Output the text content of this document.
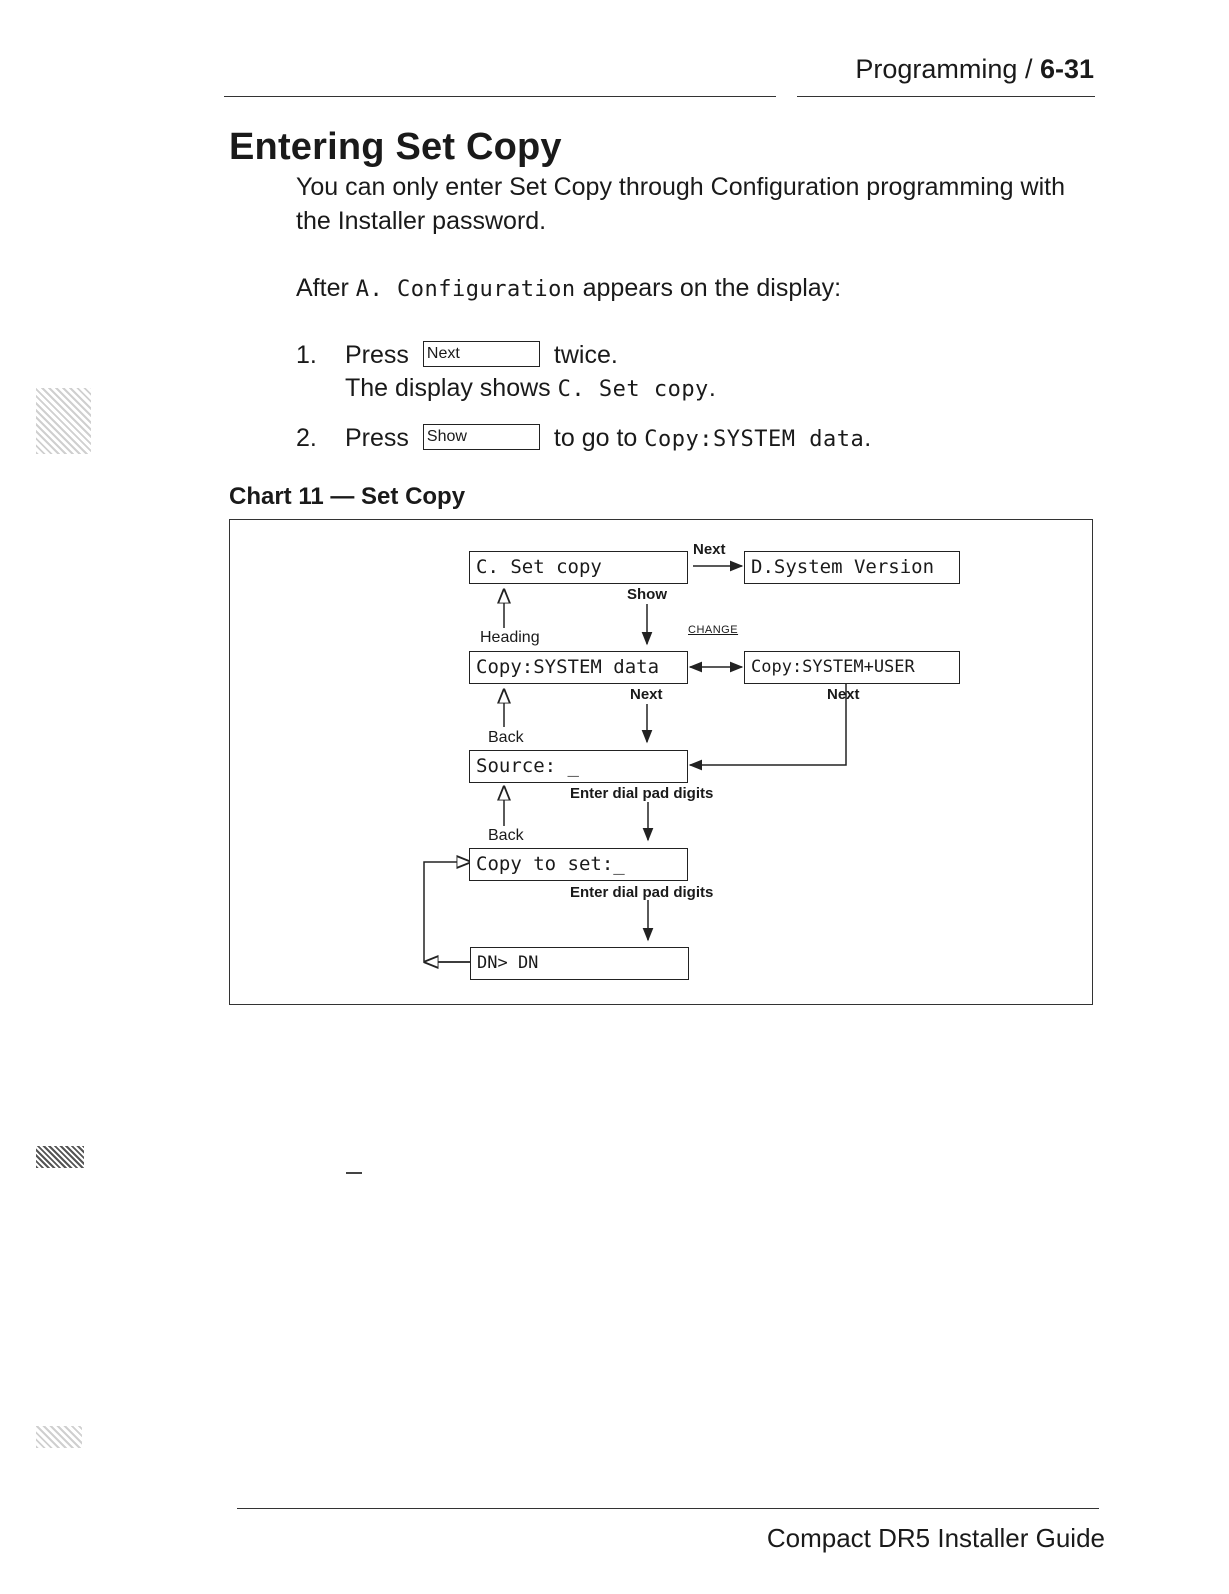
Programming / 6-31
Entering Set Copy
You can only enter Set Copy through Configuration programming with the Installer password.
After A. Configuration appears on the display:
1. Press Next	twice.
The display shows C. Set copy.
2. Press Show	to go to Copy:SYSTEM data.
Chart 11 — Set Copy
C. Set copy	D.System Version
Copy:SYSTEM data	Copy:SYSTEM+USER
Source: _
Copy to set:_
DN> DN
Next
Show
Heading	CHANGE
Next	Next
Back
Enter dial pad digits
Back
Enter dial pad digits
Compact DR5 Installer Guide
